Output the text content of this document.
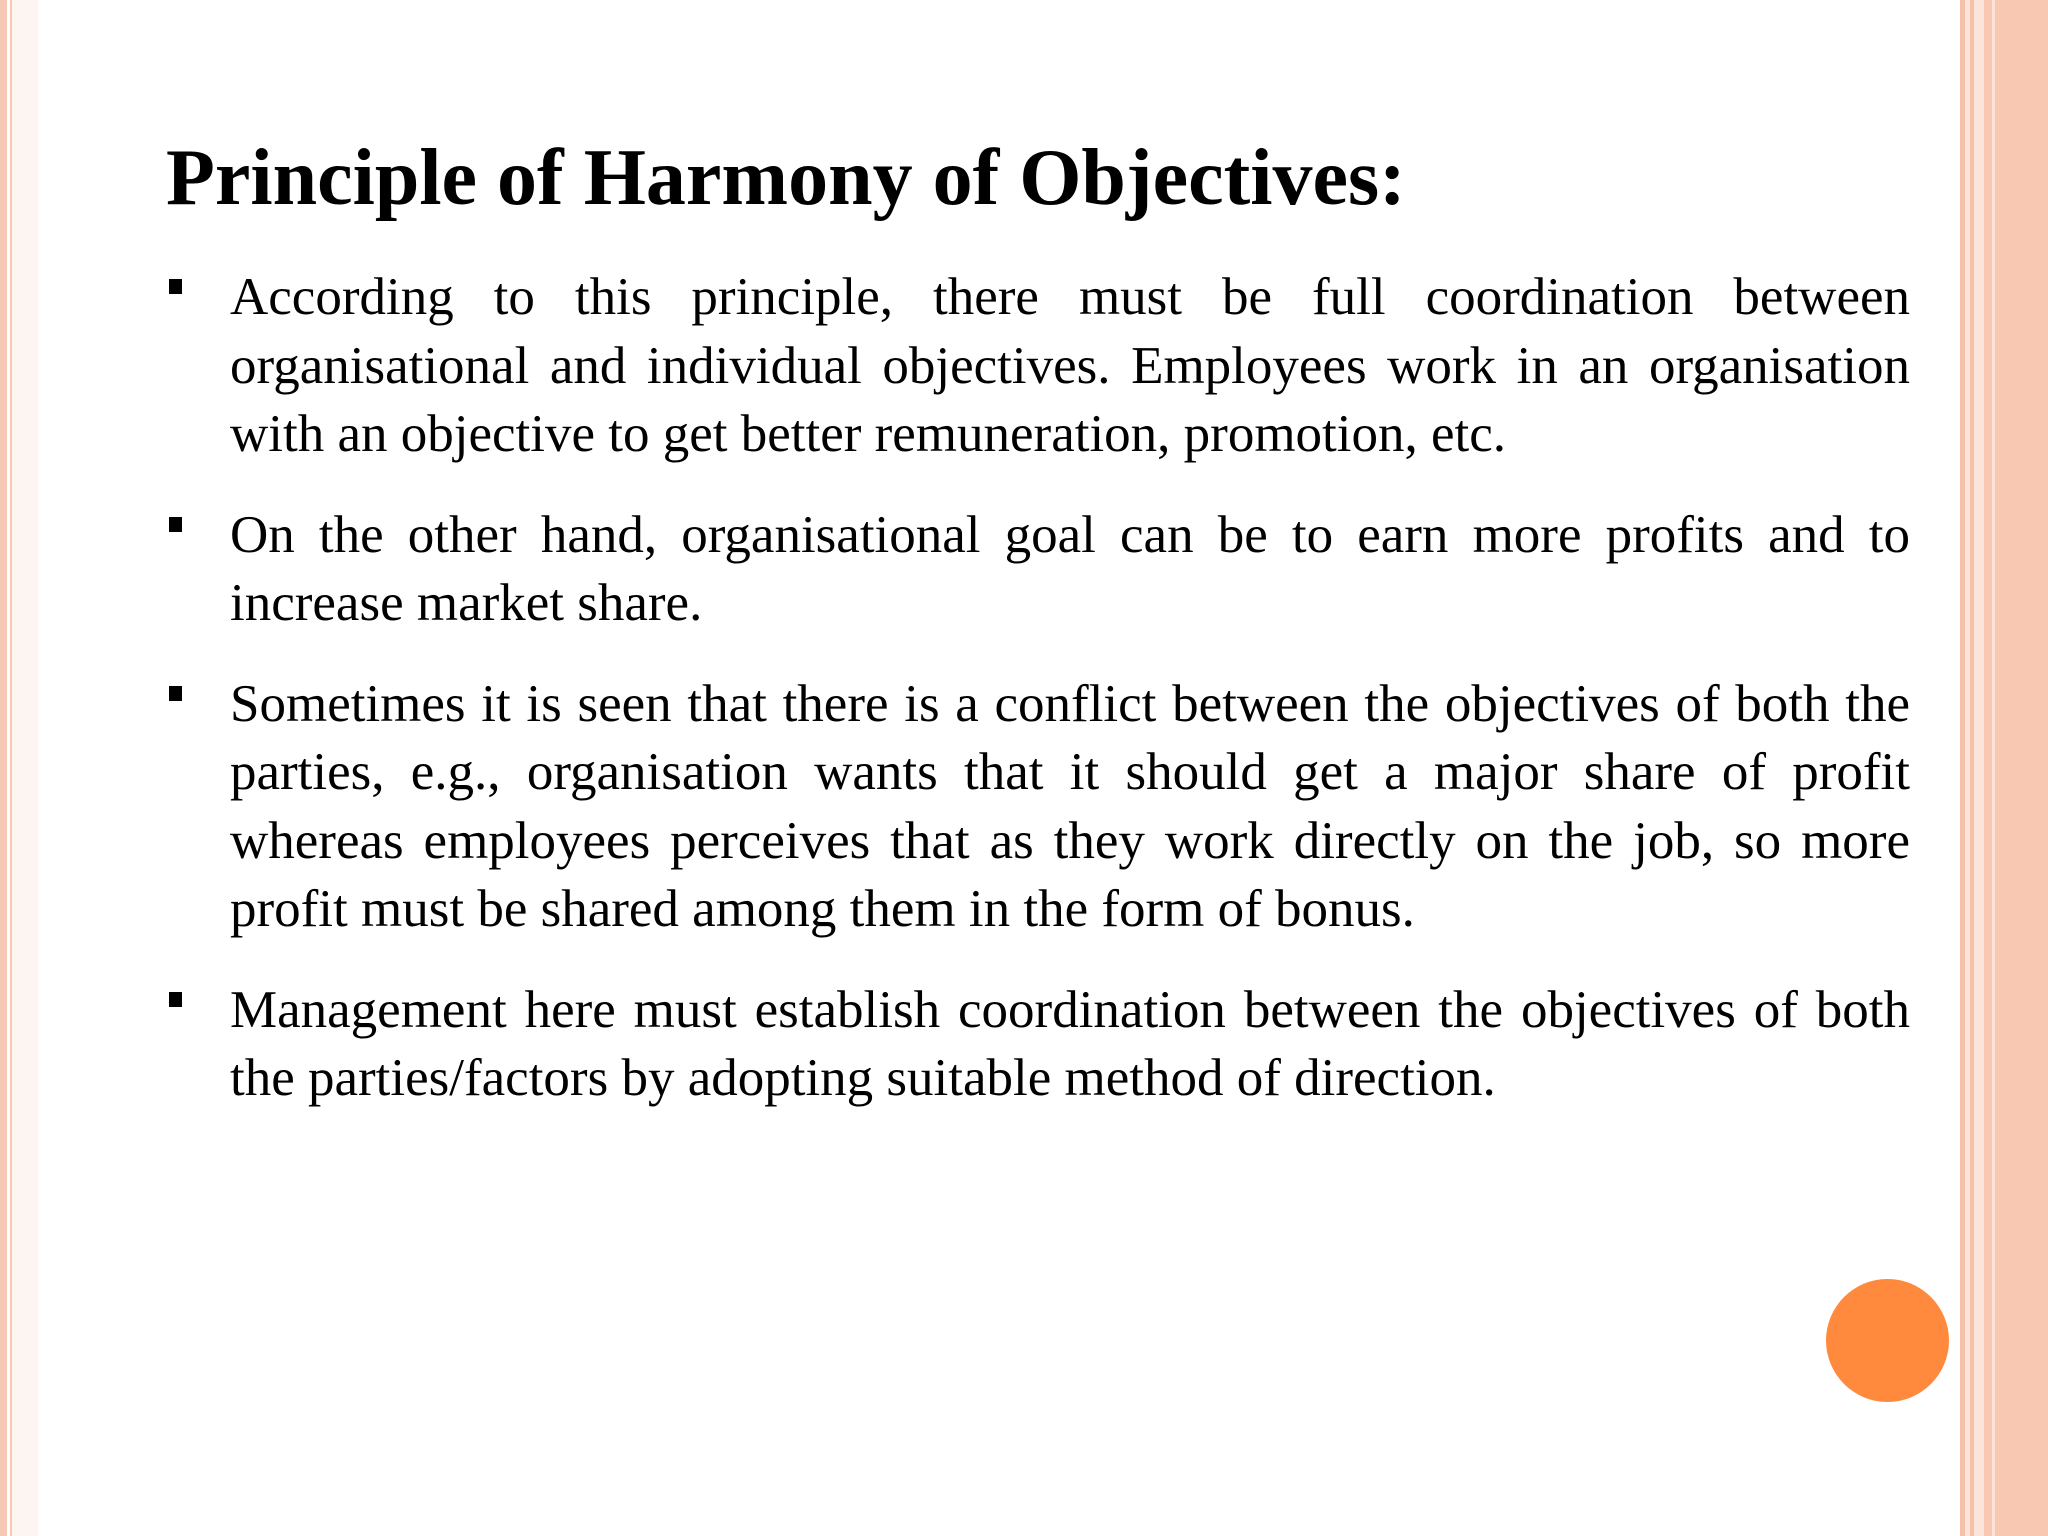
Principle of Harmony of Objectives:
According to this principle, there must be full coordination between organisational and individual objectives. Employees work in an organisation with an objective to get better remuneration, promotion, etc.
On the other hand, organisational goal can be to earn more profits and to increase market share.
Sometimes it is seen that there is a conflict between the objectives of both the parties, e.g., organisation wants that it should get a major share of profit whereas employees perceives that as they work directly on the job, so more profit must be shared among them in the form of bonus.
Management here must establish coordination between the objectives of both the parties/factors by adopting suitable method of direction.
